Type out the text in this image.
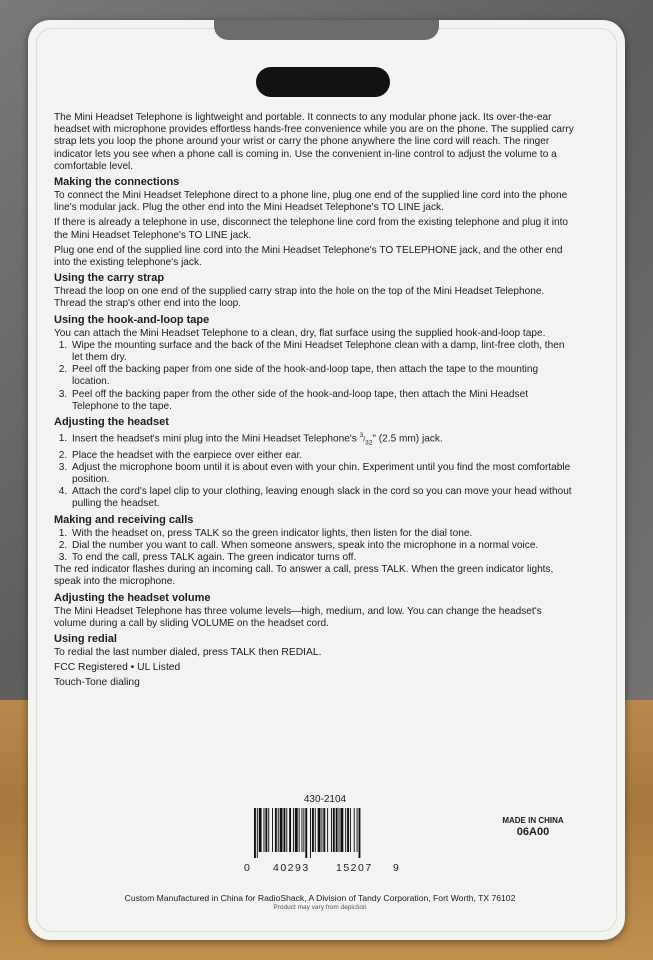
The Mini Headset Telephone is lightweight and portable. It connects to any modular phone jack. Its over-the-ear headset with microphone provides effortless hands-free convenience while you are on the phone. The supplied carry strap lets you loop the phone around your wrist or carry the phone anywhere the line cord will reach. The ringer indicator lets you see when a phone call is coming in. Use the convenient in-line control to adjust the volume to a comfortable level.

Making the connections

To connect the Mini Headset Telephone direct to a phone line, plug one end of the supplied line cord into the phone line's modular jack. Plug the other end into the Mini Headset Telephone's TO LINE jack.

If there is already a telephone in use, disconnect the telephone line cord from the existing telephone and plug it into the Mini Headset Telephone's TO LINE jack.

Plug one end of the supplied line cord into the Mini Headset Telephone's TO TELEPHONE jack, and the other end into the existing telephone's jack.

Using the carry strap

Thread the loop on one end of the supplied carry strap into the hole on the top of the Mini Headset Telephone. Thread the strap's other end into the loop.

Using the hook-and-loop tape

You can attach the Mini Headset Telephone to a clean, dry, flat surface using the supplied hook-and-loop tape.

1. Wipe the mounting surface and the back of the Mini Headset Telephone clean with a damp, lint-free cloth, then let them dry.
2. Peel off the backing paper from one side of the hook-and-loop tape, then attach the tape to the mounting location.
3. Peel off the backing paper from the other side of the hook-and-loop tape, then attach the Mini Headset Telephone to the tape.
Adjusting the headset
1. Insert the headset's mini plug into the Mini Headset Telephone's $^3/_{32}$" (2.5 mm) jack.
2. Place the headset with the earpiece over either ear.
3. Adjust the microphone boom until it is about even with your chin. Experiment until you find the most comfortable position.
4. Attach the cord's lapel clip to your clothing, leaving enough slack in the cord so you can move your head without pulling the headset.
Making and receiving calls
1. With the headset on, press TALK so the green indicator lights, then listen for the dial tone.
2. Dial the number you want to call. When someone answers, speak into the microphone in a normal voice.
3. To end the call, press TALK again. The green indicator turns off.

The red indicator flashes during an incoming call. To answer a call, press TALK. When the green indicator lights, speak into the microphone.

Adjusting the headset volume

The Mini Headset Telephone has three volume levels—high, medium, and low. You can change the headset's volume during a call by sliding VOLUME on the headset cord.

Using redial

To redial the last number dialed, press TALK then REDIAL.

FCC Registered • UL Listed

Touch-Tone dialing

430-2104
0 40293	15207 9
MADE IN CHINA
06A00
Custom Manufactured in China for RadioShack, A Division of Tandy Corporation, Fort Worth, TX 76102
Product may vary from depiction
